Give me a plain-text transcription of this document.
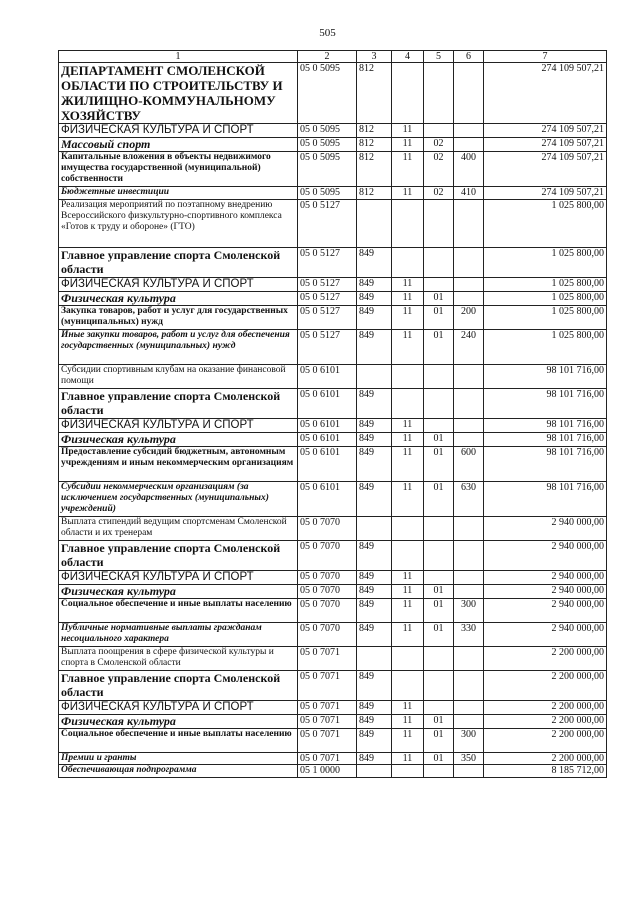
505
1	2	3	4	5	6	7
ДЕПАРТАМЕНТ СМОЛЕНСКОЙ ОБЛАСТИ ПО СТРОИТЕЛЬСТВУ И ЖИЛИЩНО-КОММУНАЛЬНОМУ ХОЗЯЙСТВУ	05 0 5095	812				274 109 507,21
ФИЗИЧЕСКАЯ КУЛЬТУРА И СПОРТ	05 0 5095	812	11			274 109 507,21
Массовый спорт	05 0 5095	812	11	02		274 109 507,21
Капитальные вложения в объекты недвижимого имущества государственной (муниципальной) собственности	05 0 5095	812	11	02	400	274 109 507,21
Бюджетные инвестиции	05 0 5095	812	11	02	410	274 109 507,21
Реализация мероприятий по поэтапному внедрению Всероссийского физкультурно-спортивного комплекса «Готов к труду и обороне» (ГТО)	05 0 5127					1 025 800,00
Главное управление спорта Смоленской области	05 0 5127	849				1 025 800,00
ФИЗИЧЕСКАЯ КУЛЬТУРА И СПОРТ	05 0 5127	849	11			1 025 800,00
Физическая культура	05 0 5127	849	11	01		1 025 800,00
Закупка товаров, работ и услуг для государственных (муниципальных) нужд	05 0 5127	849	11	01	200	1 025 800,00
Иные закупки товаров, работ и услуг для обеспечения государственных (муниципальных) нужд	05 0 5127	849	11	01	240	1 025 800,00
Субсидии спортивным клубам на оказание финансовой помощи	05 0 6101					98 101 716,00
Главное управление спорта Смоленской области	05 0 6101	849				98 101 716,00
ФИЗИЧЕСКАЯ КУЛЬТУРА И СПОРТ	05 0 6101	849	11			98 101 716,00
Физическая культура	05 0 6101	849	11	01		98 101 716,00
Предоставление субсидий бюджетным, автономным учреждениям и иным некоммерческим организациям	05 0 6101	849	11	01	600	98 101 716,00
Субсидии некоммерческим организациям (за исключением государственных (муниципальных) учреждений)	05 0 6101	849	11	01	630	98 101 716,00
Выплата стипендий ведущим спортсменам Смоленской области и их тренерам	05 0 7070					2 940 000,00
Главное управление спорта Смоленской области	05 0 7070	849				2 940 000,00
ФИЗИЧЕСКАЯ КУЛЬТУРА И СПОРТ	05 0 7070	849	11			2 940 000,00
Физическая культура	05 0 7070	849	11	01		2 940 000,00
Социальное обеспечение и иные выплаты населению	05 0 7070	849	11	01	300	2 940 000,00
Публичные нормативные выплаты гражданам несоциального характера	05 0 7070	849	11	01	330	2 940 000,00
Выплата поощрения в сфере физической культуры и спорта в Смоленской области	05 0 7071					2 200 000,00
Главное управление спорта Смоленской области	05 0 7071	849				2 200 000,00
ФИЗИЧЕСКАЯ КУЛЬТУРА И СПОРТ	05 0 7071	849	11			2 200 000,00
Физическая культура	05 0 7071	849	11	01		2 200 000,00
Социальное обеспечение и иные выплаты населению	05 0 7071	849	11	01	300	2 200 000,00
Премии и гранты	05 0 7071	849	11	01	350	2 200 000,00
Обеспечивающая подпрограмма	05 1 0000					8 185 712,00
